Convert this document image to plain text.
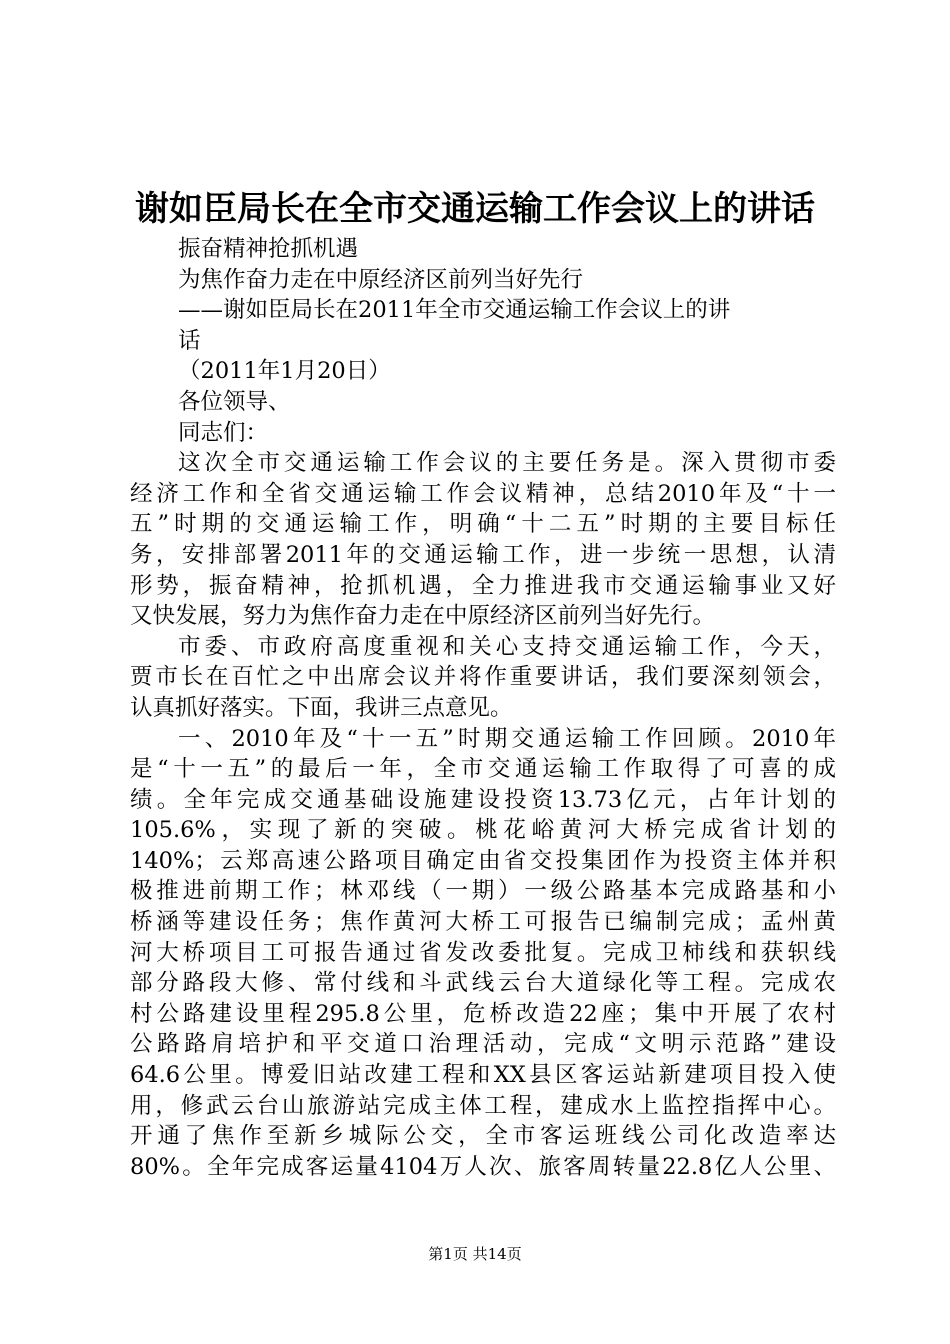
谢如臣局长在全市交通运输工作会议上的讲话

振奋精神抢抓机遇

为焦作奋力走在中原经济区前列当好先行

——谢如臣局长在2011年全市交通运输工作会议上的讲

话

（2011年1月20日）

各位领导、

同志们：

这次全市交通运输工作会议的主要任务是。深入贯彻市委

经济工作和全省交通运输工作会议精神，总结2010年及“十一

五”时期的交通运输工作，明确“十二五”时期的主要目标任

务，安排部署2011年的交通运输工作，进一步统一思想，认清

形势，振奋精神，抢抓机遇，全力推进我市交通运输事业又好

又快发展，努力为焦作奋力走在中原经济区前列当好先行。

市委、市政府高度重视和关心支持交通运输工作，今天，

贾市长在百忙之中出席会议并将作重要讲话，我们要深刻领会，

认真抓好落实。下面，我讲三点意见。

一、2010年及“十一五”时期交通运输工作回顾。2010年

是“十一五”的最后一年，全市交通运输工作取得了可喜的成

绩。全年完成交通基础设施建设投资13.73亿元，占年计划的

105.6%，实现了新的突破。桃花峪黄河大桥完成省计划的

140%；云郑高速公路项目确定由省交投集团作为投资主体并积

极推进前期工作；林邓线（一期）一级公路基本完成路基和小

桥涵等建设任务；焦作黄河大桥工可报告已编制完成；孟州黄

河大桥项目工可报告通过省发改委批复。完成卫柿线和获轵线

部分路段大修、常付线和斗武线云台大道绿化等工程。完成农

村公路建设里程295.8公里，危桥改造22座；集中开展了农村

公路路肩培护和平交道口治理活动，完成“文明示范路”建设

64.6公里。博爱旧站改建工程和XX县区客运站新建项目投入使

用，修武云台山旅游站完成主体工程，建成水上监控指挥中心。

开通了焦作至新乡城际公交，全市客运班线公司化改造率达

80%。全年完成客运量4104万人次、旅客周转量22.8亿人公里、

第1页 共14页
